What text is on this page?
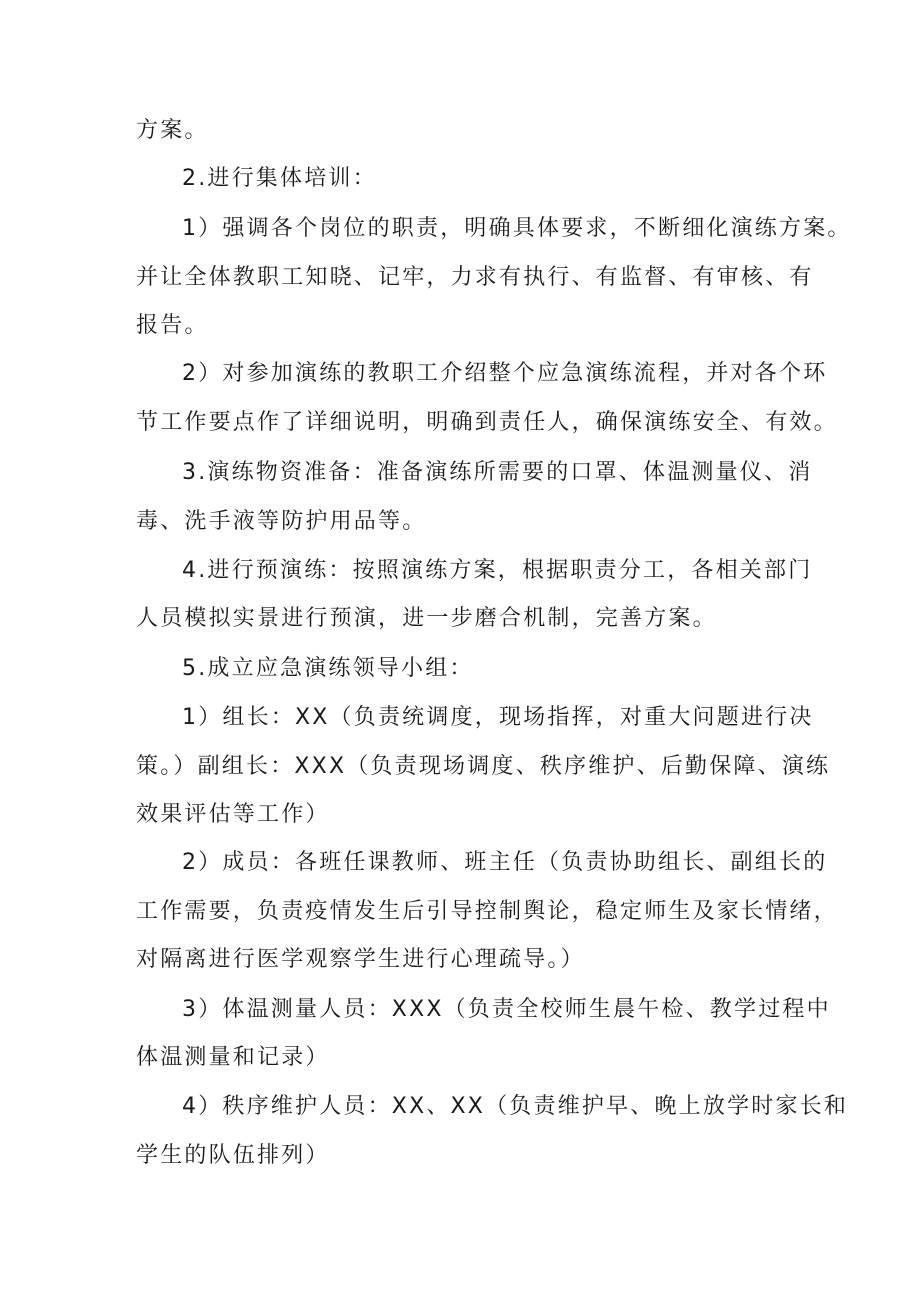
方案。
2.进行集体培训：
1）强调各个岗位的职责，明确具体要求，不断细化演练方案。
并让全体教职工知晓、记牢，力求有执行、有监督、有审核、有
报告。
2）对参加演练的教职工介绍整个应急演练流程，并对各个环
节工作要点作了详细说明，明确到责任人，确保演练安全、有效。
3.演练物资准备：准备演练所需要的口罩、体温测量仪、消
毒、洗手液等防护用品等。
4.进行预演练：按照演练方案，根据职责分工，各相关部门
人员模拟实景进行预演，进一步磨合机制，完善方案。
5.成立应急演练领导小组：
1）组长：XX（负责统调度，现场指挥，对重大问题进行决
策。）副组长：XXX（负责现场调度、秩序维护、后勤保障、演练
效果评估等工作）
2）成员：各班任课教师、班主任（负责协助组长、副组长的
工作需要，负责疫情发生后引导控制舆论，稳定师生及家长情绪，
对隔离进行医学观察学生进行心理疏导。）
3）体温测量人员：XXX（负责全校师生晨午检、教学过程中
体温测量和记录）
4）秩序维护人员：XX、XX（负责维护早、晚上放学时家长和
学生的队伍排列）
